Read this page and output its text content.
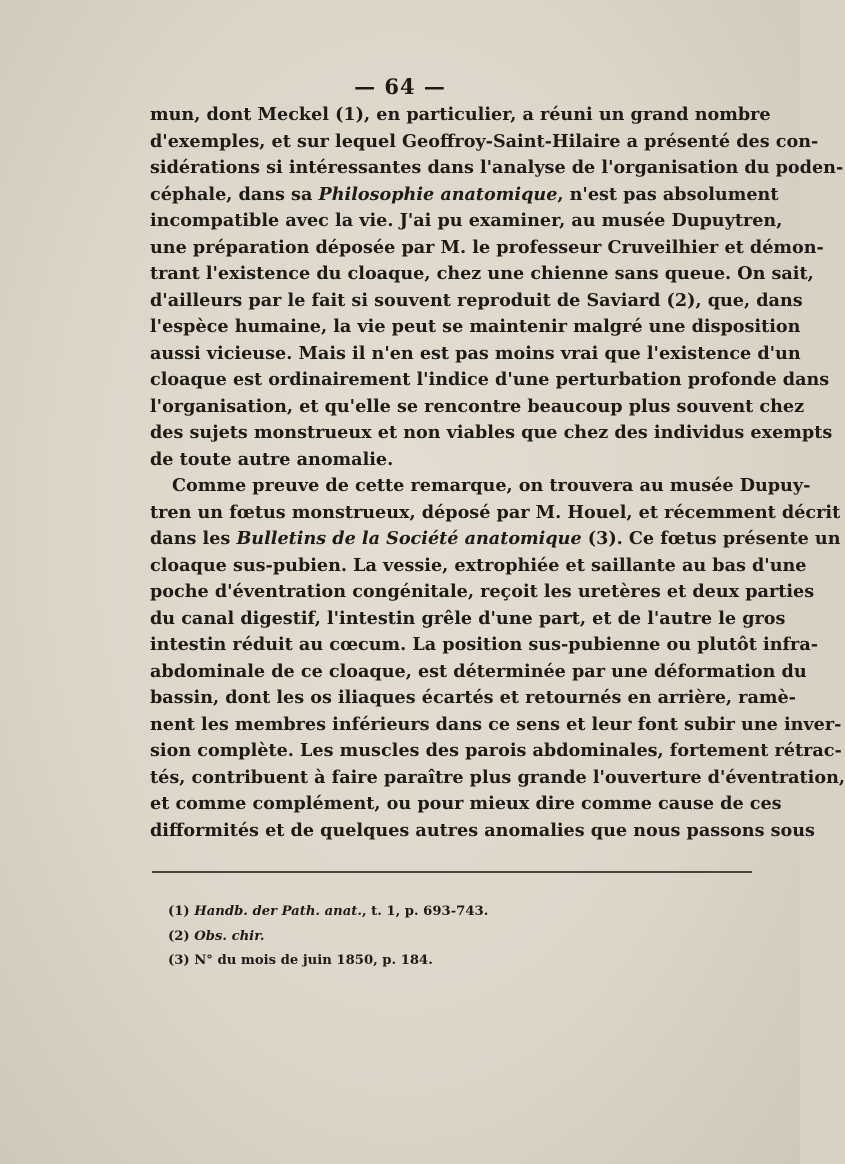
— 64 —
mun, dont Meckel (1), en particulier, a réuni un grand nombre
d'exemples, et sur lequel Geoffroy-Saint-Hilaire a présenté des con-
sidérations si intéressantes dans l'analyse de l'organisation du poden-
céphale, dans sa Philosophie anatomique, n'est pas absolument
incompatible avec la vie. J'ai pu examiner, au musée Dupuytren,
une préparation déposée par M. le professeur Cruveilhier et démon-
trant l'existence du cloaque, chez une chienne sans queue. On sait,
d'ailleurs par le fait si souvent reproduit de Saviard (2), que, dans
l'espèce humaine, la vie peut se maintenir malgré une disposition
aussi vicieuse. Mais il n'en est pas moins vrai que l'existence d'un
cloaque est ordinairement l'indice d'une perturbation profonde dans
l'organisation, et qu'elle se rencontre beaucoup plus souvent chez
des sujets monstrueux et non viables que chez des individus exempts
de toute autre anomalie.
Comme preuve de cette remarque, on trouvera au musée Dupuy-
tren un fœtus monstrueux, déposé par M. Houel, et récemment décrit
dans les Bulletins de la Société anatomique (3). Ce fœtus présente un
cloaque sus-pubien. La vessie, extrophiée et saillante au bas d'une
poche d'éventration congénitale, reçoit les uretères et deux parties
du canal digestif, l'intestin grêle d'une part, et de l'autre le gros
intestin réduit au cœcum. La position sus-pubienne ou plutôt infra-
abdominale de ce cloaque, est déterminée par une déformation du
bassin, dont les os iliaques écartés et retournés en arrière, ramè-
nent les membres inférieurs dans ce sens et leur font subir une inver-
sion complète. Les muscles des parois abdominales, fortement rétrac-
tés, contribuent à faire paraître plus grande l'ouverture d'éventration,
et comme complément, ou pour mieux dire comme cause de ces
difformités et de quelques autres anomalies que nous passons sous
(1) Handb. der Path. anat., t. 1, p. 693-743.
(2) Obs. chir.
(3) N° du mois de juin 1850, p. 184.
